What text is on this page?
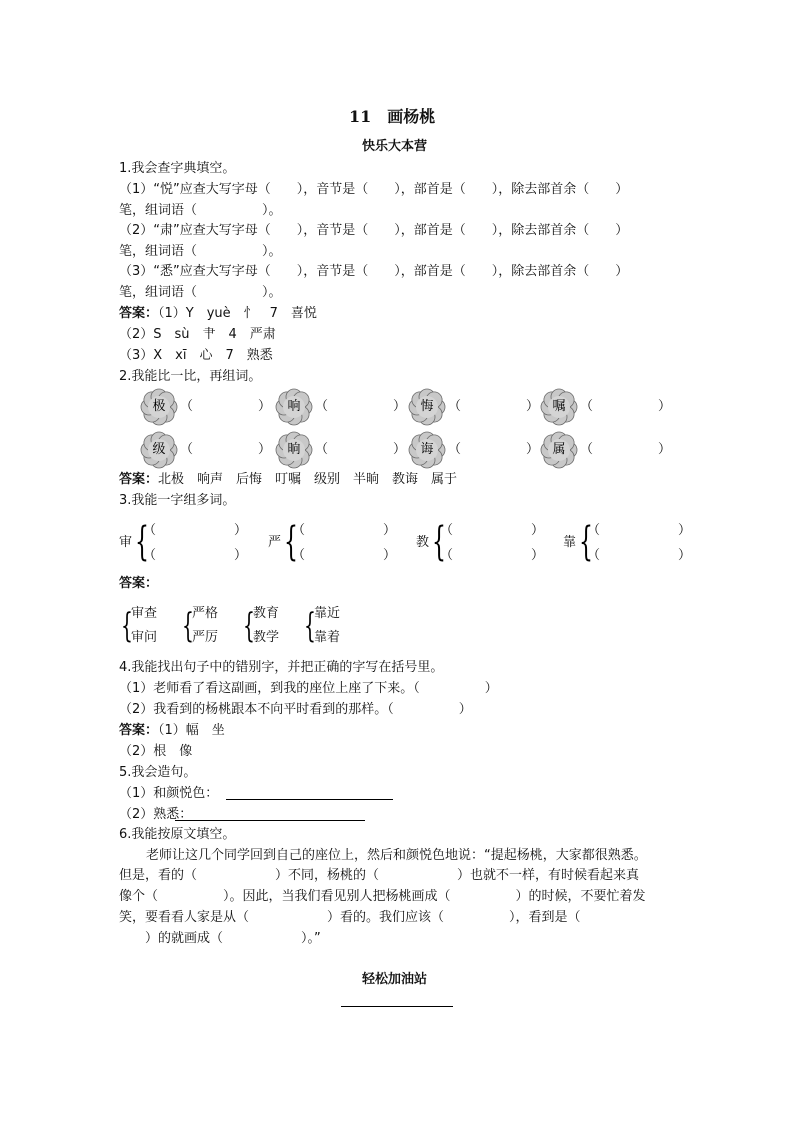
11　画杨桃
快乐大本营
1.我会查字典填空。
（1）“悦”应查大写字母（　　），音节是（　　），部首是（　　），除去部首余（　　）
笔，组词语（　　　　　）。
（2）“肃”应查大写字母（　　），音节是（　　），部首是（　　），除去部首余（　　）
笔，组词语（　　　　　）。
（3）“悉”应查大写字母（　　），音节是（　　），部首是（　　），除去部首余（　　）
笔，组词语（　　　　　）。
答案：（1）Y　yuè　忄　7　喜悦
（2）S　sù　肀　4　严肃
（3）X　xī　心　7　熟悉
2.我能比一比，再组词。
极	（　　　　　）	响	（　　　　　）	悔	（　　　　　）	嘱	（　　　　　）
级	（　　　　　）	晌	（　　　　　）	诲	（　　　　　）	属	（　　　　　）
答案：北极　响声　后悔　叮嘱　级别　半晌　教诲　属于
3.我能一字组多词。
审 {
（　　　　　　）
（　　　　　　）
严 {
（　　　　　　）
（　　　　　　）
教 {
（　　　　　　）
（　　　　　　）
靠 {
（　　　　　　）
（　　　　　　）
答案：
{
审查
审问 {
严格
严厉 {
教育
教学 {
靠近
靠着
4.我能找出句子中的错别字，并把正确的字写在括号里。
（1）老师看了看这副画，到我的座位上座了下来。（　　　　　）
（2）我看到的杨桃跟本不向平时看到的那样。（　　　　　）
答案：（1）幅　坐
（2）根　像
5.我会造句。
（1）和颜悦色：
（2）熟悉：
6.我能按原文填空。
老师让这几个同学回到自己的座位上，然后和颜悦色地说：“提起杨桃，大家都很熟悉。
但是，看的（　　　　　　）不同，杨桃的（　　　　　　）也就不一样，有时候看起来真
像个（　　　　　）。因此，当我们看见别人把杨桃画成（　　　　　）的时候，不要忙着发
笑，要看看人家是从（　　　　　　）看的。我们应该（　　　　　），看到是（
　　）的就画成（　　　　　　）。”
轻松加油站
